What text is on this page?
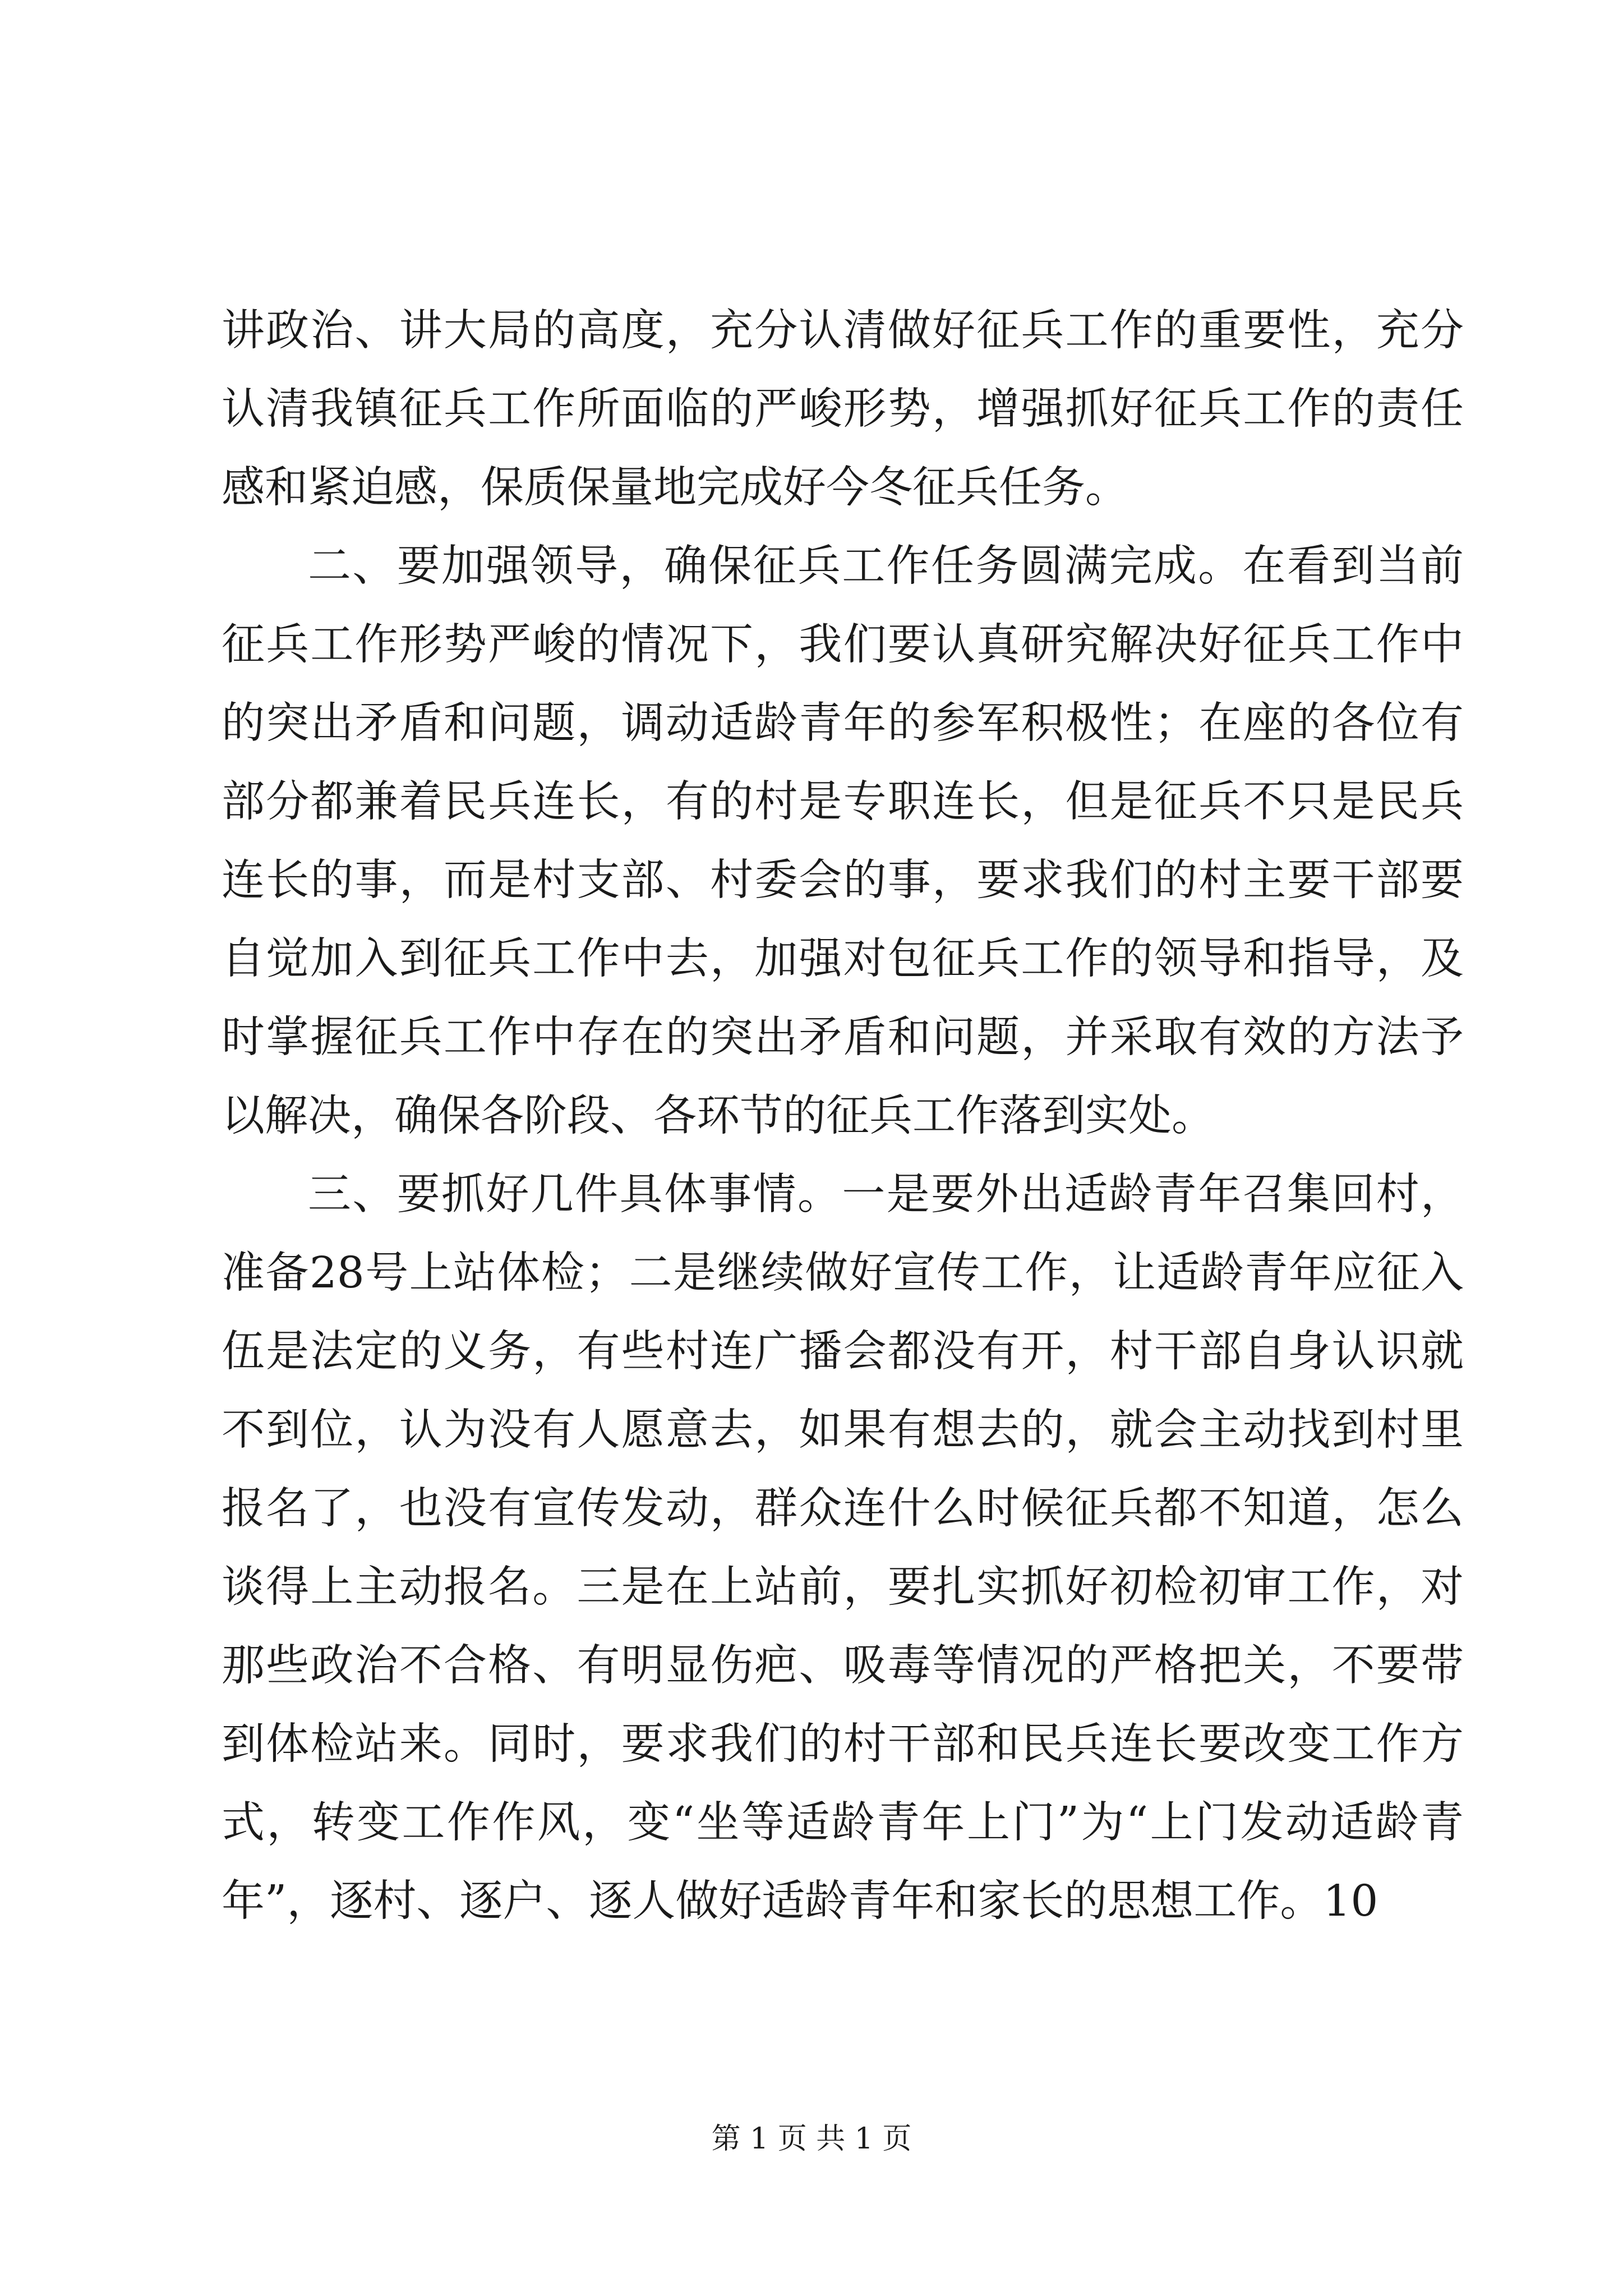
讲政治、讲大局的高度，充分认清做好征兵工作的重要性，充分认清我镇征兵工作所面临的严峻形势，增强抓好征兵工作的责任感和紧迫感，保质保量地完成好今冬征兵任务。

二、要加强领导，确保征兵工作任务圆满完成。在看到当前征兵工作形势严峻的情况下，我们要认真研究解决好征兵工作中的突出矛盾和问题，调动适龄青年的参军积极性；在座的各位有部分都兼着民兵连长，有的村是专职连长，但是征兵不只是民兵连长的事，而是村支部、村委会的事，要求我们的村主要干部要自觉加入到征兵工作中去，加强对包征兵工作的领导和指导，及时掌握征兵工作中存在的突出矛盾和问题，并采取有效的方法予以解决，确保各阶段、各环节的征兵工作落到实处。

三、要抓好几件具体事情。一是要外出适龄青年召集回村，准备28号上站体检；二是继续做好宣传工作，让适龄青年应征入伍是法定的义务，有些村连广播会都没有开，村干部自身认识就不到位，认为没有人愿意去，如果有想去的，就会主动找到村里报名了，也没有宣传发动，群众连什么时候征兵都不知道，怎么谈得上主动报名。三是在上站前，要扎实抓好初检初审工作，对那些政治不合格、有明显伤疤、吸毒等情况的严格把关，不要带到体检站来。同时，要求我们的村干部和民兵连长要改变工作方式，转变工作作风，变“坐等适龄青年上门”为“上门发动适龄青年”，逐村、逐户、逐人做好适龄青年和家长的思想工作。10

第 1 页 共 1 页
